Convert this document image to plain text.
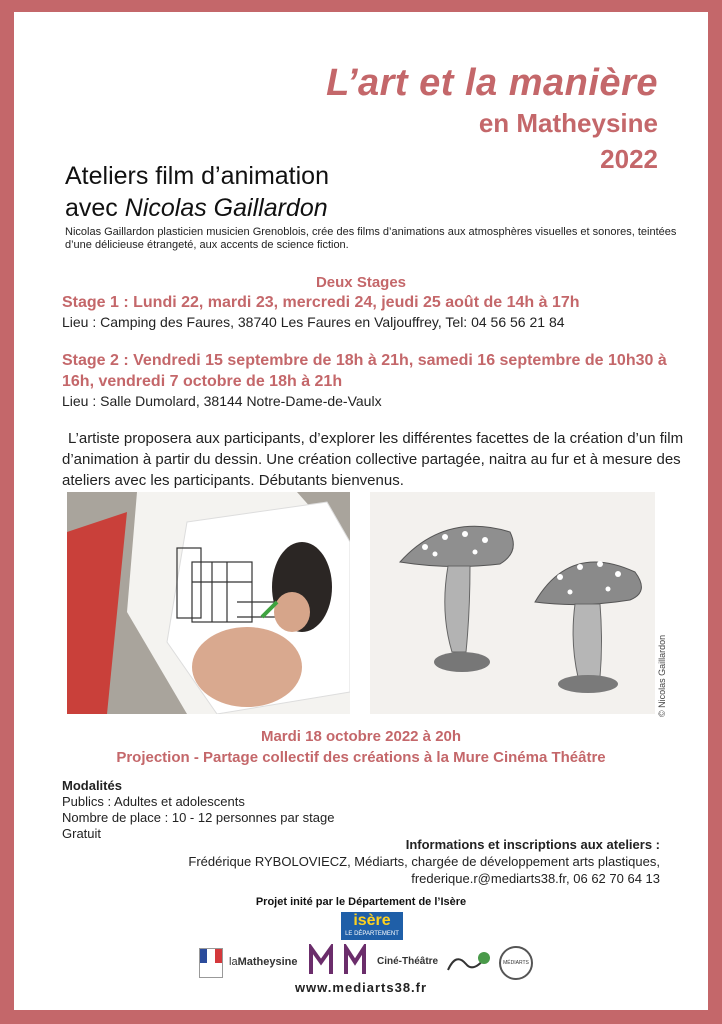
L’art et la manière
en Matheysine
2022
Ateliers film d’animation
avec Nicolas Gaillardon
Nicolas Gaillardon plasticien musicien Grenoblois, crée des films d’animations aux atmosphères visuelles et sonores, teintées d’une délicieuse étrangeté, aux accents de science fiction.
Deux Stages
Stage 1 : Lundi 22, mardi 23, mercredi 24, jeudi 25 août de 14h à 17h
Lieu : Camping des Faures, 38740 Les Faures en Valjouffrey, Tel: 04 56 56 21 84
Stage 2 : Vendredi 15 septembre de 18h à 21h, samedi 16 septembre de 10h30 à 16h, vendredi 7 octobre de 18h à 21h
Lieu : Salle Dumolard, 38144 Notre-Dame-de-Vaulx
L’artiste proposera aux participants, d’explorer les différentes facettes de la création d’un film d’animation à partir du dessin. Une création collective partagée, naitra au fur et à mesure des ateliers avec les participants. Débutants bienvenus.
© Nicolas Gaillardon
Mardi 18 octobre 2022 à 20h
Projection - Partage collectif des créations à la Mure Cinéma Théâtre
Modalités
Publics : Adultes et adolescents
Nombre de place : 10 - 12 personnes par stage
Gratuit
Informations et inscriptions aux ateliers :
Frédérique RYBOLOVIECZ, Médiarts, chargée de développement arts plastiques,
frederique.r@mediarts38.fr, 06 62 70 64 13
Projet inité par le Département de l’Isère
isère
LE DÉPARTEMENT
laMatheysine	Ciné-Théâtre	MÉDIARTS
www.mediarts38.fr
